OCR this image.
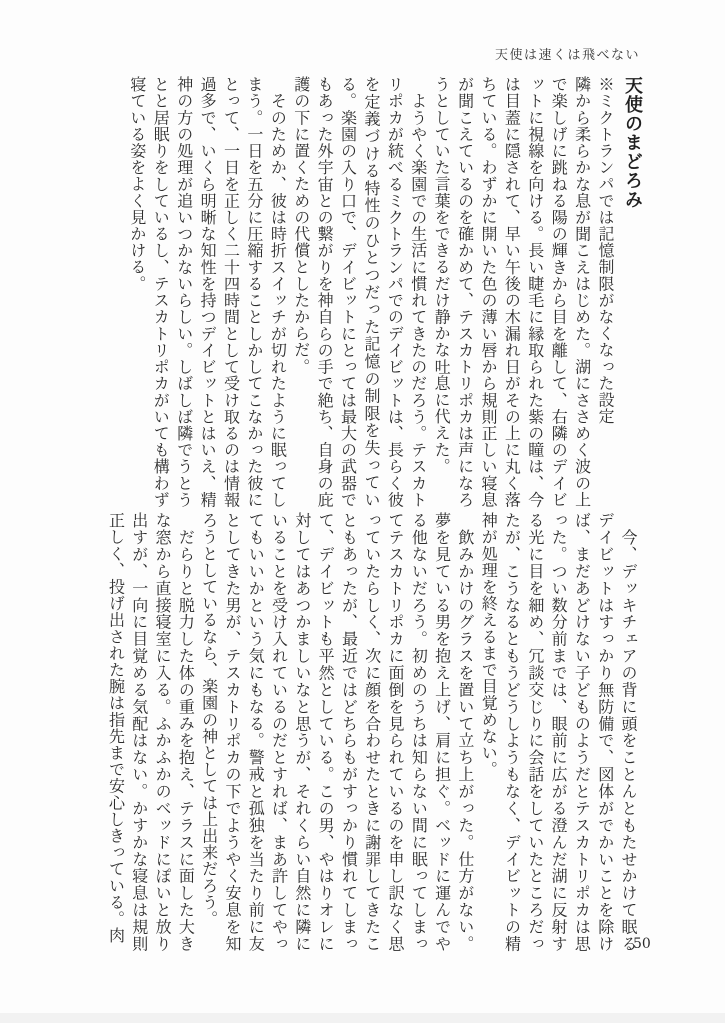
天使は速くは飛べない
天使のまどろみ

※ミクトランパでは記憶制限がなくなった設定

隣から柔らかな息が聞こえはじめた。湖にささめく波の上で楽しげに跳ねる陽の輝きから目を離して、右隣のデイビットに視線を向ける。長い睫毛に縁取られた紫の瞳は、今は目蓋に隠されて、早い午後の木漏れ日がその上に丸く落ちている。わずかに開いた色の薄い唇から規則正しい寝息が聞こえているのを確かめて、テスカトリポカは声になろうとしていた言葉をできるだけ静かな吐息に代えた。

　ようやく楽園での生活に慣れてきたのだろう。テスカトリポカが統べるミクトランパでのデイビットは、長らく彼を定義づける特性のひとつだった記憶の制限を失っている。楽園の入り口で、デイビットにとっては最大の武器でもあった外宇宙との繋がりを神自らの手で絶ち、自身の庇護の下に置くための代償としたからだ。

　そのためか、彼は時折スイッチが切れたように眠ってしまう。一日を五分に圧縮することしかしてこなかった彼にとって、一日を正しく二十四時間として受け取るのは情報過多で、いくら明晰な知性を持つデイビットとはいえ、精神の方の処理が追いつかないらしい。しばしば隣でうとうとと居眠りをしているし、テスカトリポカがいても構わず寝ている姿をよく見かける。

　今、デッキチェアの背に頭をことんともたせかけて眠るデイビットはすっかり無防備で、図体がでかいことを除けば、まだあどけない子どものようだとテスカトリポカは思った。つい数分前までは、眼前に広がる澄んだ湖に反射する光に目を細め、冗談交じりに会話をしていたところだったが、こうなるともうどうしようもなく、デイビットの精神が処理を終えるまで目覚めない。

　飲みかけのグラスを置いて立ち上がった。仕方がない。夢を見ている男を抱え上げ、肩に担ぐ。ベッドに運んでやる他ないだろう。初めのうちは知らない間に眠ってしまってテスカトリポカに面倒を見られているのを申し訳なく思っていたらしく、次に顔を合わせたときに謝罪してきたこともあったが、最近ではどちらもがすっかり慣れてしまって、デイビットも平然としている。この男、やはりオレに対してはあつかましいなと思うが、それくらい自然に隣にいることを受け入れているのだとすれば、まあ許してやってもいいかという気にもなる。警戒と孤独を当たり前に友としてきた男が、テスカトリポカの下でようやく安息を知ろうとしているなら、楽園の神としては上出来だろう。

　だらりと脱力した体の重みを抱え、テラスに面した大きな窓から直接寝室に入る。ふかふかのベッドにぽいと放り出すが、一向に目覚める気配はない。かすかな寝息は規則正しく、投げ出された腕は指先まで安心しきっている。肉

50
